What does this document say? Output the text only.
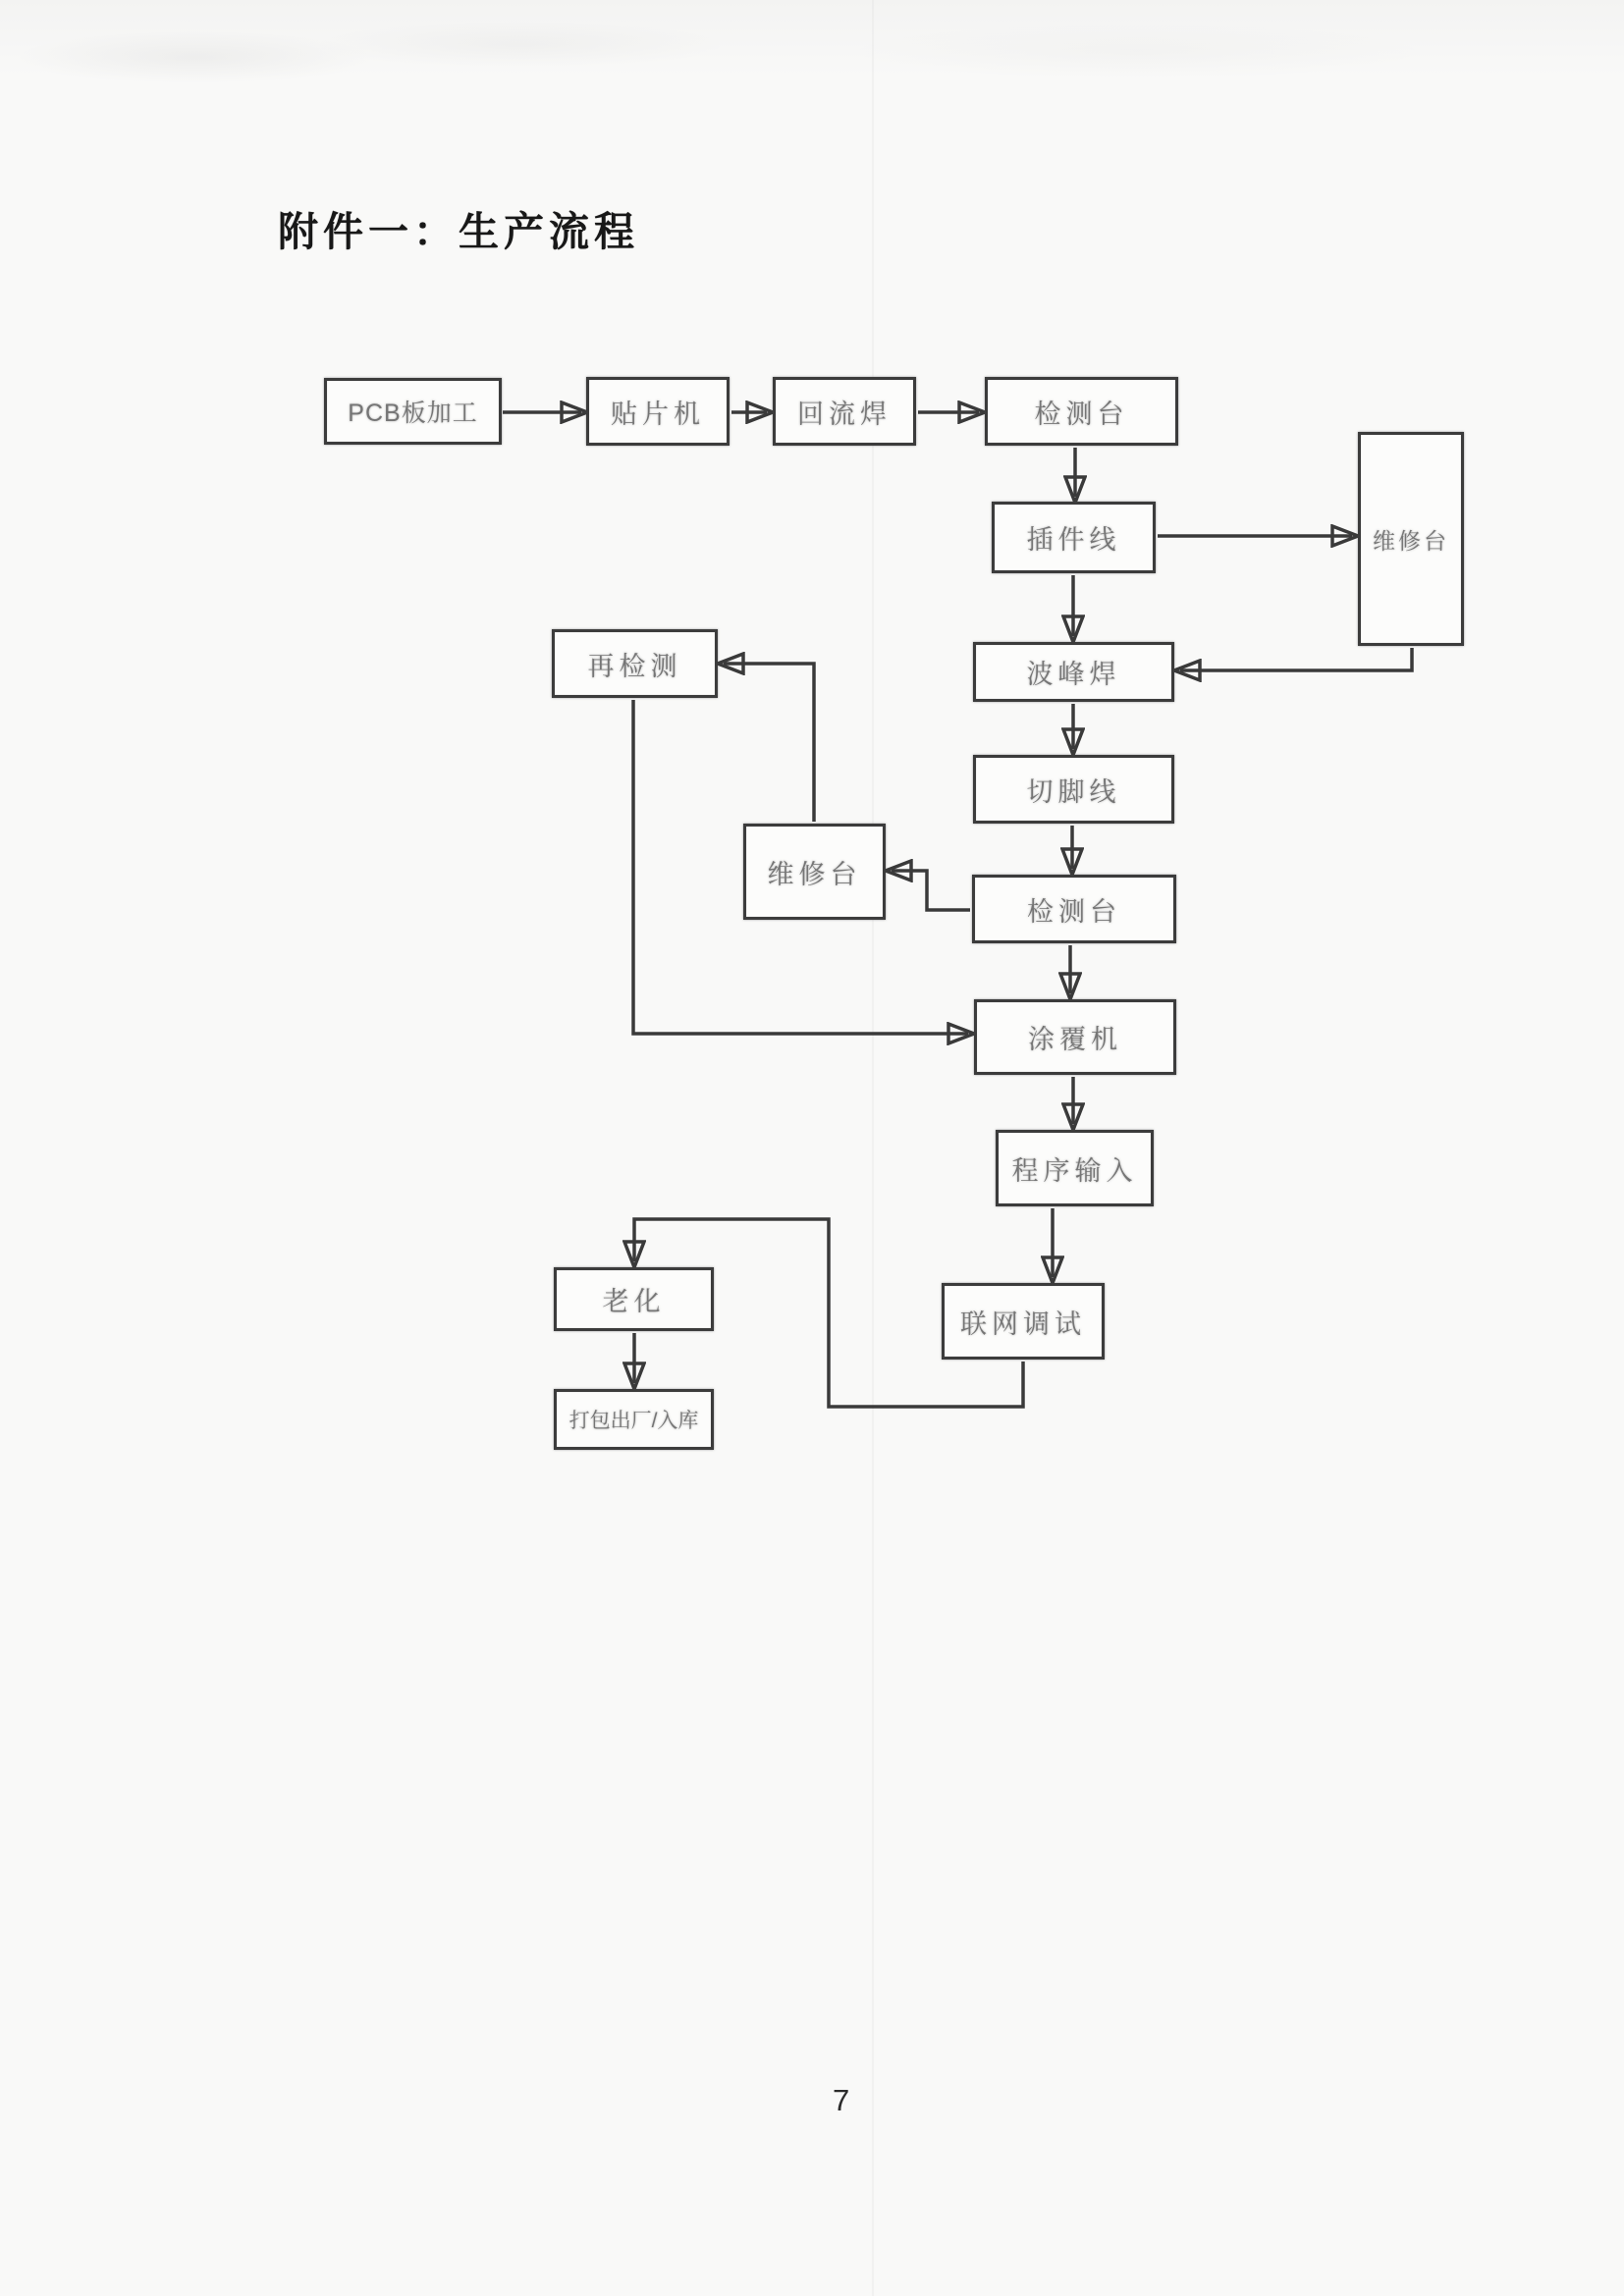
附件一：生产流程
PCB板加工	贴片机	回流焊	检测台
插件线	维修台
波峰焊
切脚线
维修台
检测台
再检测
涂覆机
程序输入
联网调试
老化
打包出厂/入库
7
